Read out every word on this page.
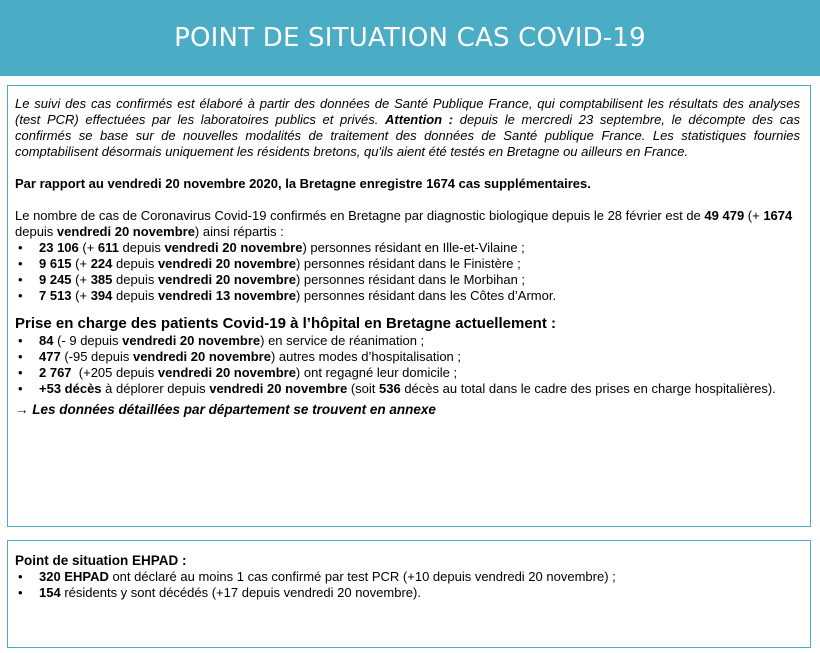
POINT DE SITUATION CAS COVID-19

Le suivi des cas confirmés est élaboré à partir des données de Santé Publique France, qui comptabilisent les résultats des analyses (test PCR) effectuées par les laboratoires publics et privés. Attention : depuis le mercredi 23 septembre, le décompte des cas confirmés se base sur de nouvelles modalités de traitement des données de Santé publique France. Les statistiques fournies comptabilisent désormais uniquement les résidents bretons, qu'ils aient été testés en Bretagne ou ailleurs en France.

Par rapport au vendredi 20 novembre 2020, la Bretagne enregistre 1674 cas supplémentaires.

Le nombre de cas de Coronavirus Covid-19 confirmés en Bretagne par diagnostic biologique depuis le 28 février est de 49 479 (+ 1674 depuis vendredi 20 novembre) ainsi répartis :

• 23 106 (+ 611 depuis vendredi 20 novembre) personnes résidant en Ille-et-Vilaine ;
• 9 615 (+ 224 depuis vendredi 20 novembre) personnes résidant dans le Finistère ;
• 9 245 (+ 385 depuis vendredi 20 novembre) personnes résidant dans le Morbihan ;
• 7 513 (+ 394 depuis vendredi 13 novembre) personnes résidant dans les Côtes d’Armor.

Prise en charge des patients Covid-19 à l’hôpital en Bretagne actuellement :

• 84 (- 9 depuis vendredi 20 novembre) en service de réanimation ;
• 477 (-95 depuis vendredi 20 novembre) autres modes d’hospitalisation ;
• 2 767  (+205 depuis vendredi 20 novembre) ont regagné leur domicile ;
• +53 décès à déplorer depuis vendredi 20 novembre (soit 536 décès au total dans le cadre des prises en charge hospitalières).

→ Les données détaillées par département se trouvent en annexe

Point de situation EHPAD :

• 320 EHPAD ont déclaré au moins 1 cas confirmé par test PCR (+10 depuis vendredi 20 novembre) ;
• 154 résidents y sont décédés (+17 depuis vendredi 20 novembre).
